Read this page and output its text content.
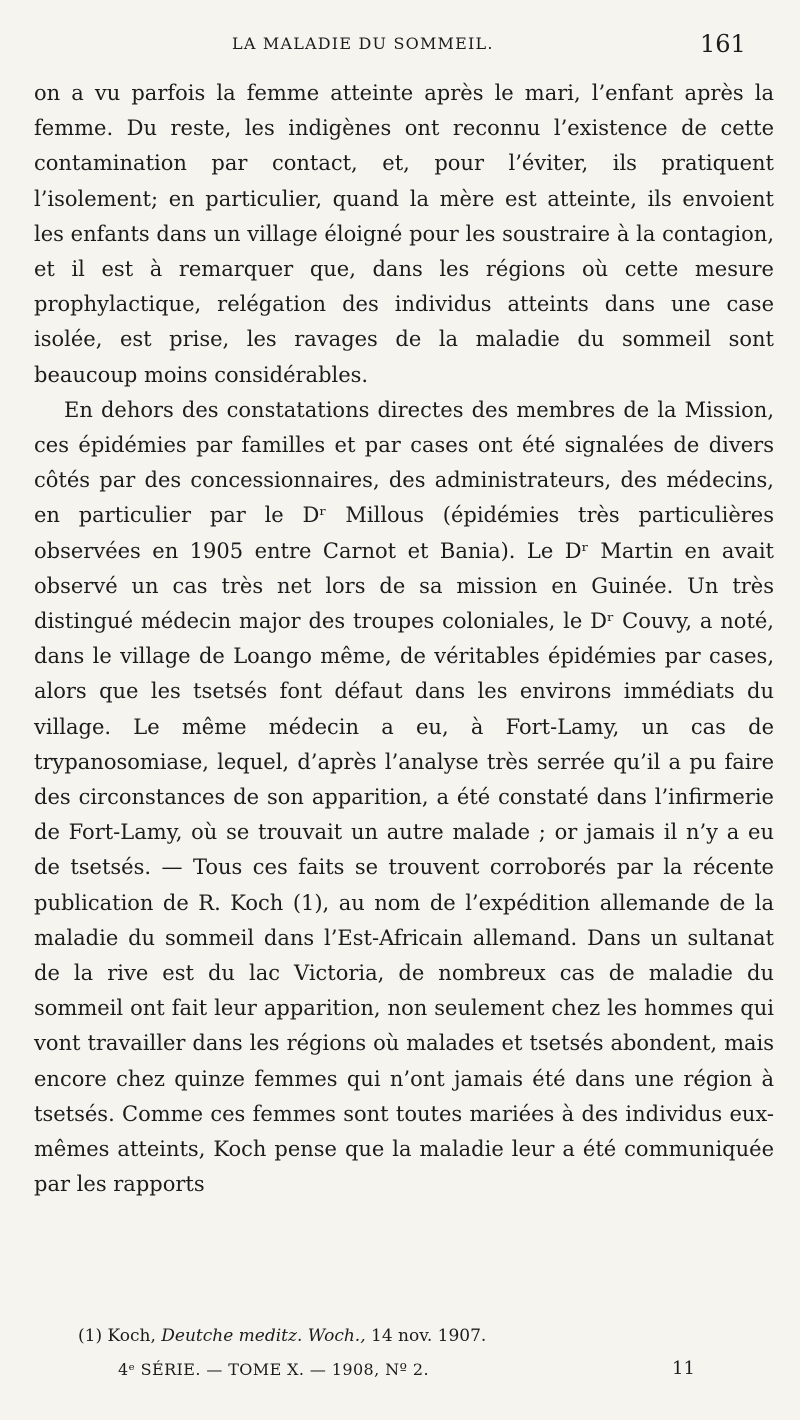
LA MALADIE DU SOMMEIL.	161

on a vu parfois la femme atteinte après le mari, l’enfant après la femme. Du reste, les indigènes ont reconnu l’existence de cette contamination par contact, et, pour l’éviter, ils pratiquent l’isolement; en particulier, quand la mère est atteinte, ils envoient les enfants dans un village éloigné pour les soustraire à la contagion, et il est à remarquer que, dans les régions où cette mesure prophylactique, relégation des individus atteints dans une case isolée, est prise, les ravages de la maladie du sommeil sont beaucoup moins considérables.

En dehors des constatations directes des membres de la Mission, ces épidémies par familles et par cases ont été signalées de divers côtés par des concessionnaires, des administrateurs, des médecins, en particulier par le Dʳ Millous (épidémies très particulières observées en 1905 entre Carnot et Bania). Le Dʳ Martin en avait observé un cas très net lors de sa mission en Guinée. Un très distingué médecin major des troupes coloniales, le Dʳ Couvy, a noté, dans le village de Loango même, de véritables épidémies par cases, alors que les tsetsés font défaut dans les environs immédiats du village. Le même médecin a eu, à Fort-Lamy, un cas de trypanosomiase, lequel, d’après l’analyse très serrée qu’il a pu faire des circonstances de son apparition, a été constaté dans l’infirmerie de Fort-Lamy, où se trouvait un autre malade ; or jamais il n’y a eu de tsetsés. — Tous ces faits se trouvent corroborés par la récente publication de R. Koch (1), au nom de l’expédition allemande de la maladie du sommeil dans l’Est-Africain allemand. Dans un sultanat de la rive est du lac Victoria, de nombreux cas de maladie du sommeil ont fait leur apparition, non seulement chez les hommes qui vont travailler dans les régions où malades et tsetsés abondent, mais encore chez quinze femmes qui n’ont jamais été dans une région à tsetsés. Comme ces femmes sont toutes mariées à des individus eux-mêmes atteints, Koch pense que la maladie leur a été communiquée par les rapports

(1) Koch, Deutche meditz. Woch., 14 nov. 1907.
4ᵉ SÉRIE. — TOME X. — 1908, Nº 2.	11
